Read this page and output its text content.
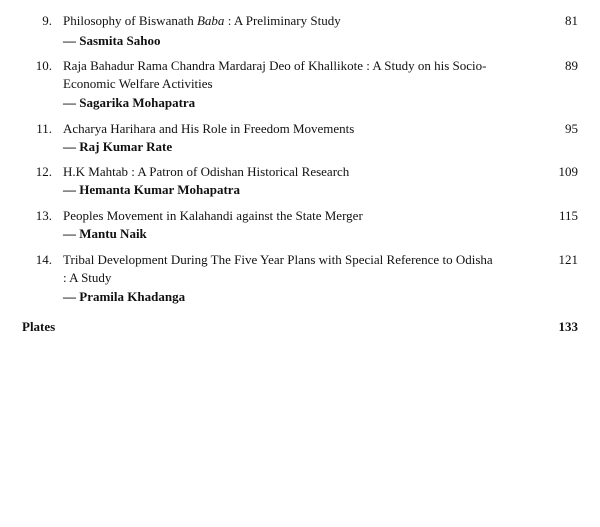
9. Philosophy of Biswanath Baba : A Preliminary Study
— Sasmita Sahoo
81
10. Raja Bahadur Rama Chandra Mardaraj Deo of Khallikote : A Study on his Socio-Economic Welfare Activities
— Sagarika Mohapatra
89
11. Acharya Harihara and His Role in Freedom Movements
— Raj Kumar Rate
95
12. H.K Mahtab : A Patron of Odishan Historical Research
— Hemanta Kumar Mohapatra
109
13. Peoples Movement in Kalahandi against the State Merger
— Mantu Naik
115
14. Tribal Development During The Five Year Plans with Special Reference to Odisha : A Study
— Pramila Khadanga
121
Plates	133
